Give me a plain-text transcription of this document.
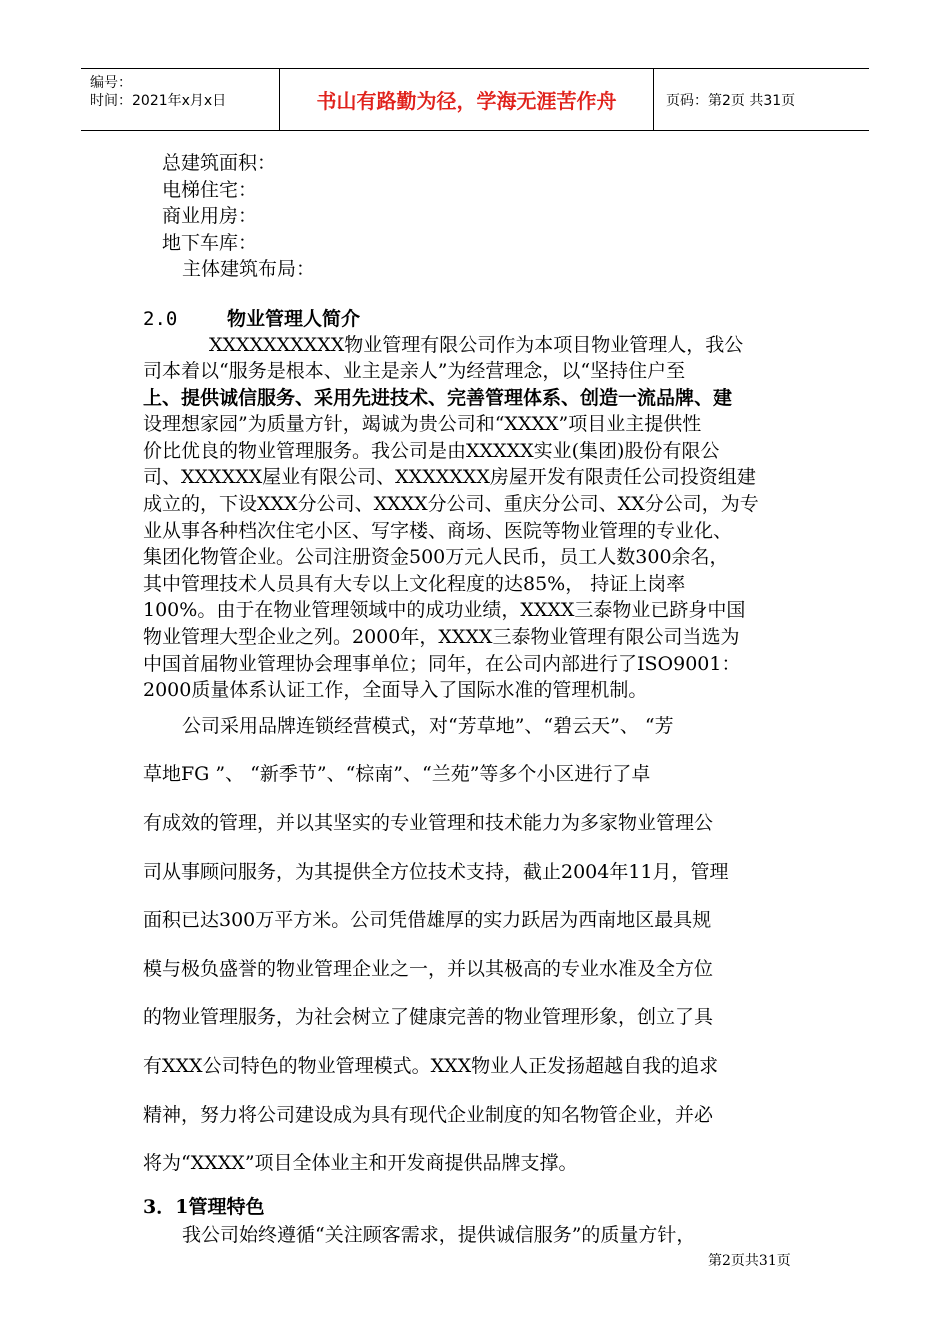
编号：
时间：2021年x月x日	书山有路勤为径，学海无涯苦作舟	页码：第2页 共31页
总建筑面积：
电梯住宅：
商业用房：
地下车库：
主体建筑布局：
2.0	物业管理人简介
XXXXXXXXXX物业管理有限公司作为本项目物业管理人，我公
司本着以“服务是根本、业主是亲人”为经营理念，以“坚持住户至
上、提供诚信服务、采用先进技术、完善管理体系、创造一流品牌、建
设理想家园”为质量方针，竭诚为贵公司和“XXXX”项目业主提供性
价比优良的物业管理服务。我公司是由XXXXX实业(集团)股份有限公
司、XXXXXX屋业有限公司、XXXXXXX房屋开发有限责任公司投资组建
成立的，下设XXX分公司、XXXX分公司、重庆分公司、XX分公司，为专
业从事各种档次住宅小区、写字楼、商场、医院等物业管理的专业化、
集团化物管企业。公司注册资金500万元人民币，员工人数300余名，
其中管理技术人员具有大专以上文化程度的达85%， 持证上岗率
100%。由于在物业管理领域中的成功业绩，XXXX三泰物业已跻身中国
物业管理大型企业之列。2000年，XXXX三泰物业管理有限公司当选为
中国首届物业管理协会理事单位；同年，在公司内部进行了ISO9001：
2000质量体系认证工作，全面导入了国际水准的管理机制。

公司采用品牌连锁经营模式，对“芳草地”、“碧云天”、 “芳

草地FG ”、 “新季节”、“棕南”、“兰苑”等多个小区进行了卓

有成效的管理，并以其坚实的专业管理和技术能力为多家物业管理公

司从事顾问服务，为其提供全方位技术支持，截止2004年11月，管理

面积已达300万平方米。公司凭借雄厚的实力跃居为西南地区最具规

模与极负盛誉的物业管理企业之一，并以其极高的专业水准及全方位

的物业管理服务，为社会树立了健康完善的物业管理形象，创立了具

有XXX公司特色的物业管理模式。XXX物业人正发扬超越自我的追求

精神，努力将公司建设成为具有现代企业制度的知名物管企业，并必

将为“XXXX”项目全体业主和开发商提供品牌支撑。

3．1管理特色
我公司始终遵循“关注顾客需求，提供诚信服务”的质量方针，
第2页共31页
